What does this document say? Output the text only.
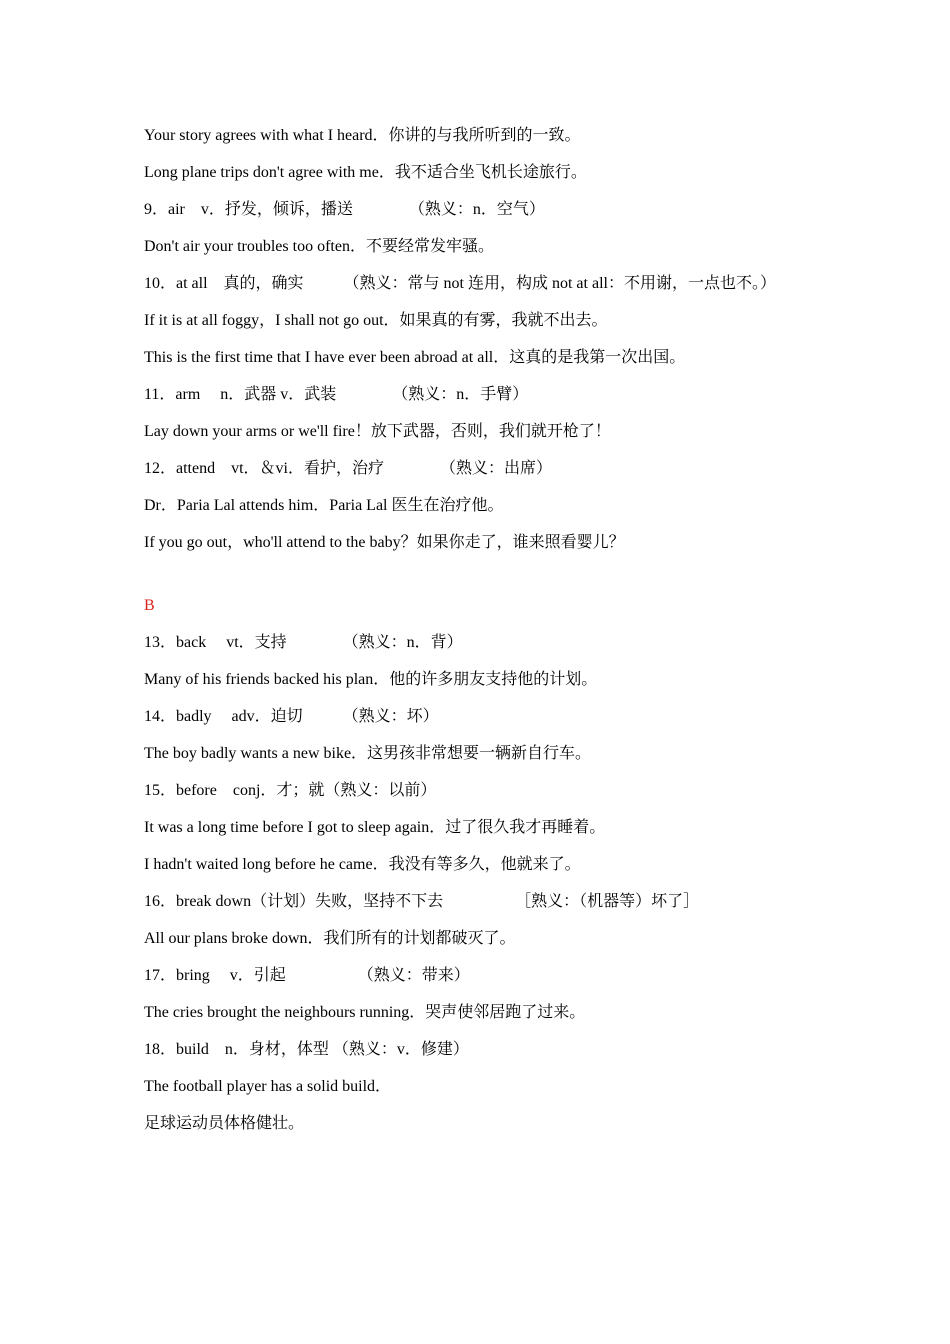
Your story agrees with what I heard．你讲的与我所听到的一致。
Long plane trips don't agree with me．我不适合坐飞机长途旅行。
9．air　v．抒发，倾诉，播送　　　　（熟义：n．空气）
Don't air your troubles too often．不要经常发牢骚。
10．at all　真的，确实　　　（熟义：常与 not 连用，构成 not at all：不用谢，一点也不。）
If it is at all foggy，I shall not go out．如果真的有雾，我就不出去。
This is the first time that I have ever been abroad at all．这真的是我第一次出国。
11．arm　 n．武器 v．武装　　　　（熟义：n．手臂）
Lay down your arms or we'll fire！放下武器，否则，我们就开枪了！
12．attend　vt．＆vi．看护，治疗　　　　（熟义：出席）
Dr．Paria Lal attends him．Paria Lal 医生在治疗他。
If you go out，who'll attend to the baby？如果你走了，谁来照看婴儿？
B
13．back　 vt．支持　　　　（熟义：n．背）
Many of his friends backed his plan．他的许多朋友支持他的计划。
14．badly　 adv．迫切　　　（熟义：坏）
The boy badly wants a new bike．这男孩非常想要一辆新自行车。
15．before　conj．才；就（熟义：以前）
It was a long time before I got to sleep again．过了很久我才再睡着。
I hadn't waited long before he came．我没有等多久，他就来了。
16．break down（计划）失败，坚持不下去　　　　　［熟义：（机器等）坏了］
All our plans broke down．我们所有的计划都破灭了。
17．bring　 v．引起　　　　　（熟义：带来）
The cries brought the neighbours running．哭声使邻居跑了过来。
18．build　n．身材，体型 （熟义：v．修建）
The football player has a solid build．
足球运动员体格健壮。
